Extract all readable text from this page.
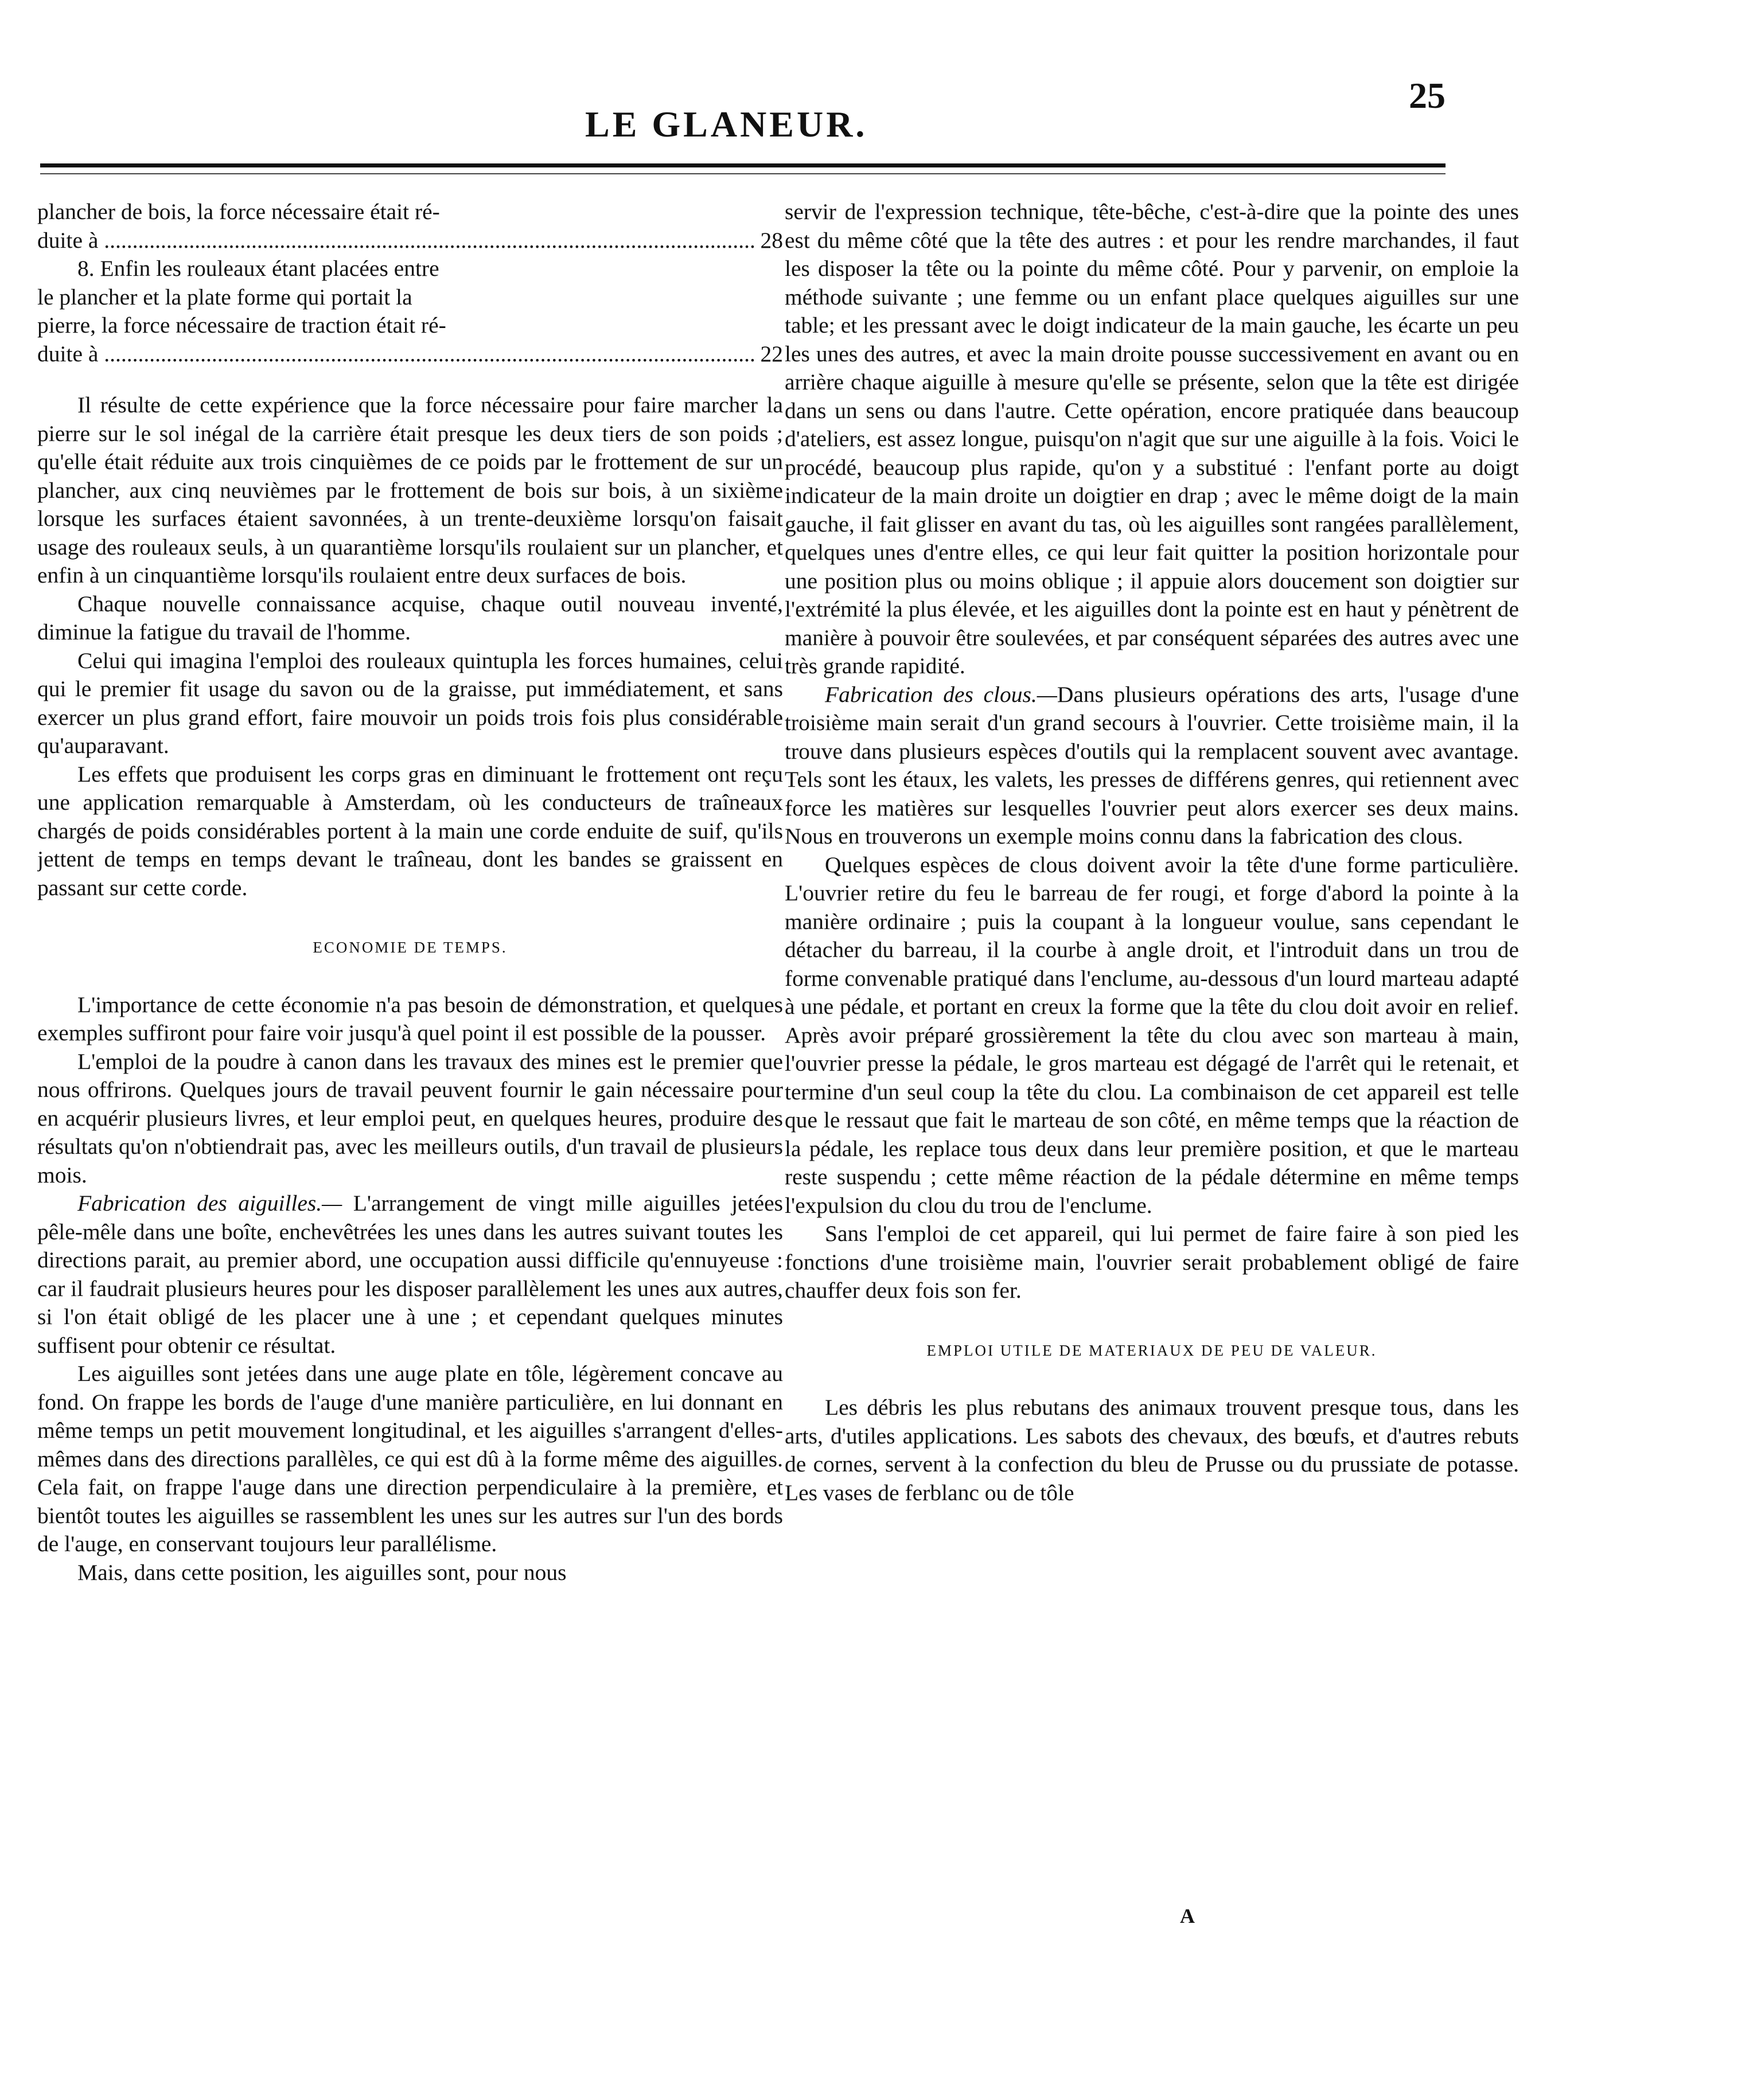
LE GLANEUR.
25
plancher de bois, la force nécessaire était ré-
duite à .....	28
8. Enfin les rouleaux étant placées entre
le plancher et la plate forme qui portait la
pierre, la force nécessaire de traction était ré-
duite à .....	22

Il résulte de cette expérience que la force nécessaire pour faire marcher la pierre sur le sol inégal de la carrière était presque les deux tiers de son poids ; qu'elle était réduite aux trois cinquièmes de ce poids par le frottement de sur un plancher, aux cinq neuvièmes par le frottement de bois sur bois, à un sixième lorsque les surfaces étaient savonnées, à un trente-deuxième lorsqu'on faisait usage des rouleaux seuls, à un quarantième lorsqu'ils roulaient sur un plancher, et enfin à un cinquantième lorsqu'ils roulaient entre deux surfaces de bois.

Chaque nouvelle connaissance acquise, chaque outil nouveau inventé, diminue la fatigue du travail de l'homme.

Celui qui imagina l'emploi des rouleaux quintupla les forces humaines, celui qui le premier fit usage du savon ou de la graisse, put immédiatement, et sans exercer un plus grand effort, faire mouvoir un poids trois fois plus considérable qu'auparavant.

Les effets que produisent les corps gras en diminuant le frottement ont reçu une application remarquable à Amsterdam, où les conducteurs de traîneaux chargés de poids considérables portent à la main une corde enduite de suif, qu'ils jettent de temps en temps devant le traîneau, dont les bandes se graissent en passant sur cette corde.

ECONOMIE DE TEMPS.

L'importance de cette économie n'a pas besoin de démonstration, et quelques exemples suffiront pour faire voir jusqu'à quel point il est possible de la pousser.

L'emploi de la poudre à canon dans les travaux des mines est le premier que nous offrirons. Quelques jours de travail peuvent fournir le gain nécessaire pour en acquérir plusieurs livres, et leur emploi peut, en quelques heures, produire des résultats qu'on n'obtiendrait pas, avec les meilleurs outils, d'un travail de plusieurs mois.

Fabrication des aiguilles.— L'arrangement de vingt mille aiguilles jetées pêle-mêle dans une boîte, enchevêtrées les unes dans les autres suivant toutes les directions parait, au premier abord, une occupation aussi difficile qu'ennuyeuse : car il faudrait plusieurs heures pour les disposer parallèlement les unes aux autres, si l'on était obligé de les placer une à une ; et cependant quelques minutes suffisent pour obtenir ce résultat.

Les aiguilles sont jetées dans une auge plate en tôle, légèrement concave au fond. On frappe les bords de l'auge d'une manière particulière, en lui donnant en même temps un petit mouvement longitudinal, et les aiguilles s'arrangent d'elles-mêmes dans des directions parallèles, ce qui est dû à la forme même des aiguilles. Cela fait, on frappe l'auge dans une direction perpendiculaire à la première, et bientôt toutes les aiguilles se rassemblent les unes sur les autres sur l'un des bords de l'auge, en conservant toujours leur parallélisme.

Mais, dans cette position, les aiguilles sont, pour nous

servir de l'expression technique, tête-bêche, c'est-à-dire que la pointe des unes est du même côté que la tête des autres : et pour les rendre marchandes, il faut les disposer la tête ou la pointe du même côté. Pour y parvenir, on emploie la méthode suivante ; une femme ou un enfant place quelques aiguilles sur une table; et les pressant avec le doigt indicateur de la main gauche, les écarte un peu les unes des autres, et avec la main droite pousse successivement en avant ou en arrière chaque aiguille à mesure qu'elle se présente, selon que la tête est dirigée dans un sens ou dans l'autre. Cette opération, encore pratiquée dans beaucoup d'ateliers, est assez longue, puisqu'on n'agit que sur une aiguille à la fois. Voici le procédé, beaucoup plus rapide, qu'on y a substitué : l'enfant porte au doigt indicateur de la main droite un doigtier en drap ; avec le même doigt de la main gauche, il fait glisser en avant du tas, où les aiguilles sont rangées parallèlement, quelques unes d'entre elles, ce qui leur fait quitter la position horizontale pour une position plus ou moins oblique ; il appuie alors doucement son doigtier sur l'extrémité la plus élevée, et les aiguilles dont la pointe est en haut y pénètrent de manière à pouvoir être soulevées, et par conséquent séparées des autres avec une très grande rapidité.

Fabrication des clous.—Dans plusieurs opérations des arts, l'usage d'une troisième main serait d'un grand secours à l'ouvrier. Cette troisième main, il la trouve dans plusieurs espèces d'outils qui la remplacent souvent avec avantage. Tels sont les étaux, les valets, les presses de différens genres, qui retiennent avec force les matières sur lesquelles l'ouvrier peut alors exercer ses deux mains. Nous en trouverons un exemple moins connu dans la fabrication des clous.

Quelques espèces de clous doivent avoir la tête d'une forme particulière. L'ouvrier retire du feu le barreau de fer rougi, et forge d'abord la pointe à la manière ordinaire ; puis la coupant à la longueur voulue, sans cependant le détacher du barreau, il la courbe à angle droit, et l'introduit dans un trou de forme convenable pratiqué dans l'enclume, au-dessous d'un lourd marteau adapté à une pédale, et portant en creux la forme que la tête du clou doit avoir en relief. Après avoir préparé grossièrement la tête du clou avec son marteau à main, l'ouvrier presse la pédale, le gros marteau est dégagé de l'arrêt qui le retenait, et termine d'un seul coup la tête du clou. La combinaison de cet appareil est telle que le ressaut que fait le marteau de son côté, en même temps que la réaction de la pédale, les replace tous deux dans leur première position, et que le marteau reste suspendu ; cette même réaction de la pédale détermine en même temps l'expulsion du clou du trou de l'enclume.

Sans l'emploi de cet appareil, qui lui permet de faire faire à son pied les fonctions d'une troisième main, l'ouvrier serait probablement obligé de faire chauffer deux fois son fer.

EMPLOI UTILE DE MATERIAUX DE PEU DE VALEUR.

Les débris les plus rebutans des animaux trouvent presque tous, dans les arts, d'utiles applications. Les sabots des chevaux, des bœufs, et d'autres rebuts de cornes, servent à la confection du bleu de Prusse ou du prussiate de potasse. Les vases de ferblanc ou de tôle

A
